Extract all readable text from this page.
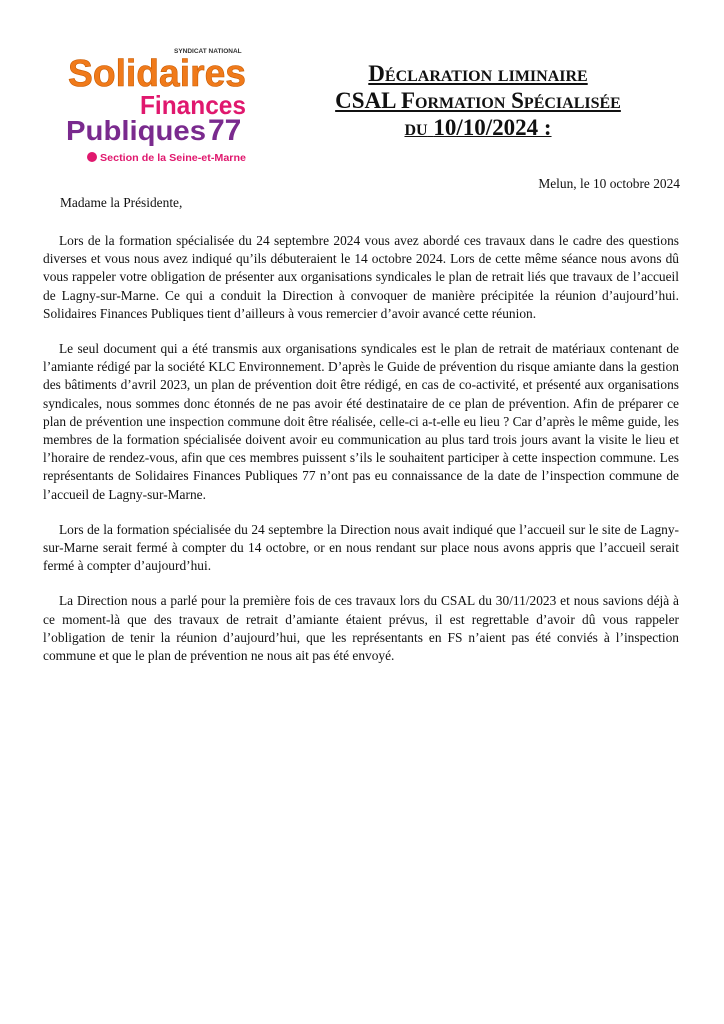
SYNDICAT NATIONAL
Solidaires
Finances
Publiques 77
Section de la Seine-et-Marne
Déclaration liminaire
CSAL Formation Spécialisée
du 10/10/2024 :
Melun, le 10 octobre 2024
Madame la Présidente,

Lors de la formation spécialisée du 24 septembre 2024 vous avez abordé ces travaux dans le cadre des questions diverses et vous nous avez indiqué qu’ils débuteraient le 14 octobre 2024. Lors de cette même séance nous avons dû vous rappeler votre obligation de présenter aux organisations syndicales le plan de retrait liés que travaux de l’accueil de Lagny-sur-Marne. Ce qui a conduit la Direction à convoquer de manière précipitée la réunion d’aujourd’hui. Solidaires Finances Publiques tient d’ailleurs à vous remercier d’avoir avancé cette réunion.

Le seul document qui a été transmis aux organisations syndicales est le plan de retrait de matériaux contenant de l’amiante rédigé par la société KLC Environnement. D’après le Guide de prévention du risque amiante dans la gestion des bâtiments d’avril 2023, un plan de prévention doit être rédigé, en cas de co-activité, et présenté aux organisations syndicales, nous sommes donc étonnés de ne pas avoir été destinataire de ce plan de prévention. Afin de préparer ce plan de prévention une inspection commune doit être réalisée, celle-ci a-t-elle eu lieu ? Car d’après le même guide, les membres de la formation spécialisée doivent avoir eu communication au plus tard trois jours avant la visite le lieu et l’horaire de rendez-vous, afin que ces membres puissent s’ils le souhaitent participer à cette inspection commune. Les représentants de Solidaires Finances Publiques 77 n’ont pas eu connaissance de la date de l’inspection commune de l’accueil de Lagny-sur-Marne.

Lors de la formation spécialisée du 24 septembre la Direction nous avait indiqué que l’accueil sur le site de Lagny-sur-Marne serait fermé à compter du 14 octobre, or en nous rendant sur place nous avons appris que l’accueil serait fermé à compter d’aujourd’hui.

La Direction nous a parlé pour la première fois de ces travaux lors du CSAL du 30/11/2023 et nous savions déjà à ce moment-là que des travaux de retrait d’amiante étaient prévus, il est regrettable d’avoir dû vous rappeler l’obligation de tenir la réunion d’aujourd’hui, que les représentants en FS n’aient pas été conviés à l’inspection commune et que le plan de prévention ne nous ait pas été envoyé.
